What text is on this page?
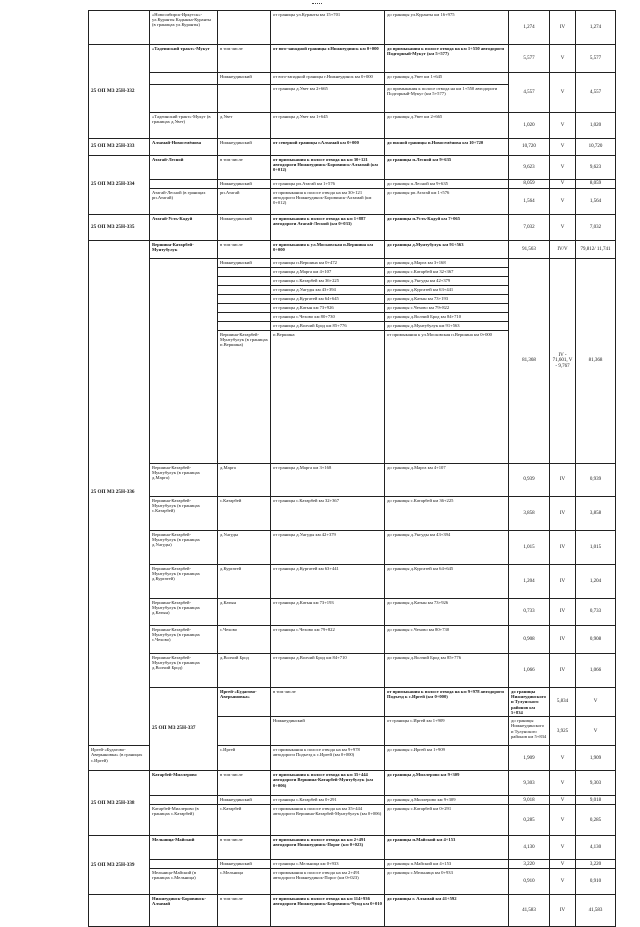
	«Новосибирск-Иркутск»-ул.Куранты Кадынка-Куранты (в границах ул.Куранты)		от границы ул.Куранты км 15+701	до границы ул.Куранты км 16+975	1,274	IV	1,274	
25 ОП МЗ 25Н-332	«Тадеинский тракт»-Мукуг	в том числе	от юго-западной границы г.Нижнеудинск км 0+000	до примыкания к полосе отвода на км 1+550 автодороги Подгорный-Мукуг (км 5+577)	5,577	V	5,577	
		Нижнеудинский	от юго-западной границы г.Нижнеудинск км 0+000	до границы д.Увет км 1+645	4,557	V	4,557	
			от границы д.Увет км 2+665	до примыкания к полосе отвода на км 1+550 автодороги Подгорный-Мукуг (км 5+577)				
	«Тадеинский тракт»-Мукуг (в границах д.Увет)	д.Увет	от границы д.Увет км 1+645	до границы д.Увет км 2+665	1,020	V	1,020	
25 ОП МЗ 25Н-333	Алзамай-Новосемёнова	Нижнеудинский	от северной границы г.Алзамай км 0+000	до южной границы п.Новосемёнова км 10+720	10,720	V	10,720	
25 ОП МЗ 25Н-334	Атагай-Лесной	в том числе	от примыкания к полосе отвода на км 30+121 автодороги Нижнеудинск-Боровинск-Алзамай (км 0+012)	до границы п.Лесной км 9+635	9,623	V	9,623	
		Нижнеудинский	от границы рп.Атагай км 1+576	до границы п.Лесной км 9+635	8,059	V	8,059	
	Атагай-Лесной (в границах рп.Атагай)	рп.Атагай	от примыкания к полосе отвода на км 30+121 автодороги Нижнеудинск-Боровинск-Алзамай (км 0+012)	до границы рп.Атагай км 1+576	1,564	V	1,564	
25 ОП МЗ 25Н-335	Атагай-Усть-Кадуй	Нижнеудинский	от примыкания к полосе отвода на км 1+887 автодороги Атагай-Лесной (км 0+033)	до границы п.Усть-Кадуй км 7+065	7,032	V	7,032	
25 ОП МЗ 25Н-336	Вершина-Катарбей-Мунтубулук	в том числе	от примыкания к ул.Московская п.Вершина км 0+000	до границы д.Мунтубулук км 91+563	91,563	IV/V	79,812/ 11,741	
		Нижнеудинский	от границы п.Вершина км 0+472	до границы д.Марга км 3+168	81,368	IV - 71,601, V - 9,767	81,368	
			от границы д.Марга км 4+107	до границы с.Катарбей км 32+367				
			от границы с.Катарбей км 36+225	до границы д.Унгуды км 42+379				
			от границы д.Унгуды км 43+394	до границы д.Кургатей км 63+441				
			от границы д.Кургатей км 64+645	до границы д.Катын км 73+193				
			от границы д.Катын км 73+926	до границы с.Чехово км 79+822				
			от границы с.Чехово км 80+730	до границы д.Волчий Брод км 84+710				
			от границы д.Волчий Брод км 85+776	до границы д.Мунтубулук км 91+563				
		Вершина-Катарбей-Мунтубулук (в границах п.Вершина)	п.Вершина	от примыкания к ул.Московская п.Вершина км 0+000				
	Вершина-Катарбей-Мунтубулук (в границах д.Марга)	д.Марга	от границы д.Марга км 3+168	до границы д.Марга км 4+107	0,939	IV	0,939	
	Вершина-Катарбей-Мунтубулук (в границах с.Катарбей)	с.Катарбей	от границы с.Катарбей км 32+367	до границы с.Катарбей км 36+225	3,858	IV	3,858	
	Вершина-Катарбей-Мунтубулук (в границах д.Унгуды)	д.Унгуды	от границы д.Унгуды км 42+379	до границы д.Унгуды км 43+394	1,015	IV	1,015	
	Вершина-Катарбей-Мунтубулук (в границах д.Кургатей)	д.Кургатей	от границы д.Кургатей км 63+441	до границы д.Кургатей км 64+645	1,204	IV	1,204	
	Вершина-Катарбей-Мунтубулук (в границах д.Катын)	д.Катын	от границы д.Катын км 73+193	до границы д.Катын км 73+926	0,733	IV	0,733	
	Вершина-Катарбей-Мунтубулук (в границах с.Чехово)	с.Чехово	от границы с.Чехово км 79+822	до границы с.Чехово км 80+730	0,908	IV	0,908	
	Вершина-Катарбей-Мунтубулук (в границах д.Волчий Брод)	д.Волчий Брод	от границы д.Волчий Брод км 84+710	до границы д.Волчий Брод км 85+776	1,066	IV	1,066	
	25 ОП МЗ 25Н-337	Иргей-«Будагово-Аверьяновка»	в том числе	от примыкания к полосе отвода на км 9+978 автодороги Подъезд к с.Иргей (км 0+000)	до границы Нижнеудинского и Тулунского районов км 5+834	5,834	V	
			Нижнеудинский	от границы с.Иргей км 1+909	до границы Нижнеудинского и Тулунского районов км 5+834	3,925	V	
Иргей-«Будагово-Аверьяновка» (в границах с.Иргей)		с.Иргей	от примыкания к полосе отвода на км 9+978 автодороги Подъезд к с.Иргей (км 0+000)	до границы с.Иргей км 1+909	1,909	V	1,909	
25 ОП МЗ 25Н-338	Катарбей-Миллерово	в том числе	от примыкания к полосе отвода на км 35+444 автодороги Вершина-Катарбей-Мунтубулук (км 0+006)	до границы д.Миллерово км 9+309	9,303	V	9,303	
		Нижнеудинский	от границы с.Катарбей км 0+291	до границы д.Миллерово км 9+309	9,018	V	9,018	
	Катарбей-Миллерово (в границах с.Катарбей)	с.Катарбей	от примыкания к полосе отвода на км 35+444 автодороги Вершина-Катарбей-Мунтубулук (км 0+006)	до границы с.Катарбей км 0+291	0,285	V	0,285	
25 ОП МЗ 25Н-339	Мельница-Майский	в том числе	от примыкания к полосе отвода на км 2+491 автодороги Нижнеудинск-Порог (км 0+023)	до границы п.Майский км 4+153	4,130	V	4,130	
		Нижнеудинский	от границы с.Мельница км 0+933	до границы п.Майский км 4+153	3,220	V	3,220	
	Мельница-Майский (в границах с.Мельница)	с.Мельница	от примыкания к полосе отвода на км 2+491 автодороги Нижнеудинск-Порог (км 0+023)	до границы с.Мельница км 0+933	0,910	V	0,910	
	Нижнеудинск-Боровинск-Алзамай	в том числе	от примыкания к полосе отвода на км 114+936 автодороги Нижнеудинск-Боровинск-Чунд км 0+010	до границы г. Алзамай км 41+592	41,583	IV	41,583	
